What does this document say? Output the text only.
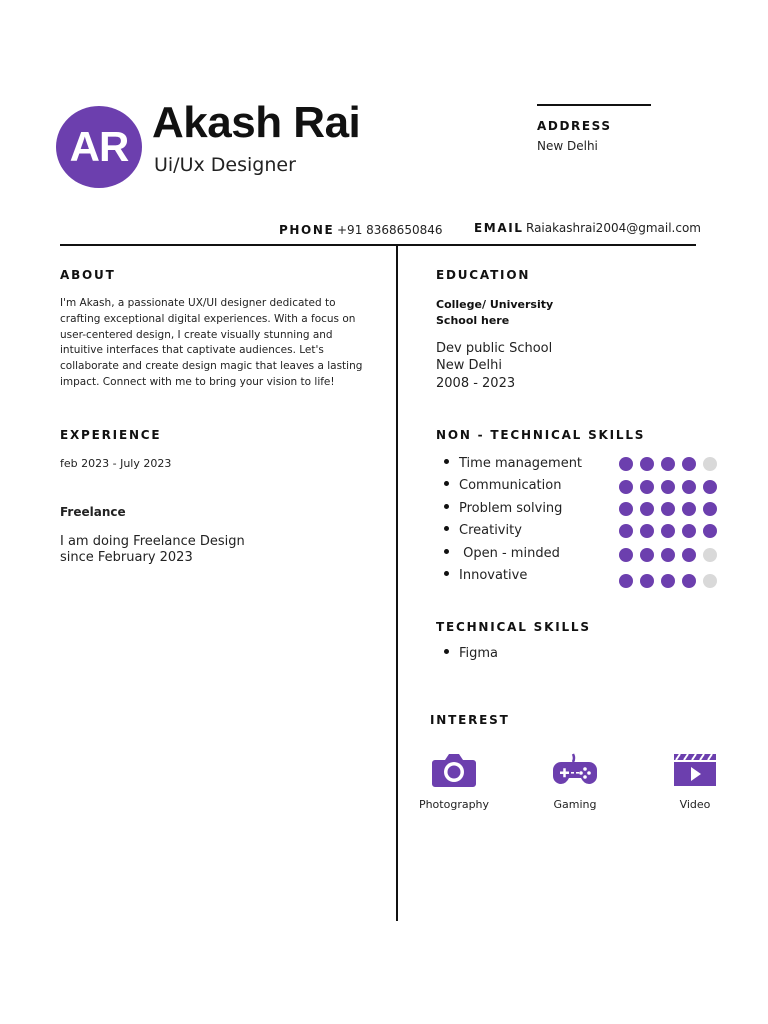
AR Akash Rai
Ui/Ux Designer
ADDRESS
New Delhi
PHONE +91 8368650846	EMAIL Raiakashrai2004@gmail.com
ABOUT
I'm Akash, a passionate UX/UI designer dedicated to crafting exceptional digital experiences. With a focus on user-centered design, I create visually stunning and intuitive interfaces that captivate audiences. Let's collaborate and create design magic that leaves a lasting impact. Connect with me to bring your vision to life!
EXPERIENCE
feb 2023 - July 2023
Freelance
I am doing Freelance Design since February 2023
EDUCATION
College/ University
School here
Dev public School
New Delhi
2008 - 2023
NON - TECHNICAL SKILLS
Time management
Communication
Problem solving
Creativity
Open - minded
Innovative
TECHNICAL SKILLS
Figma
INTEREST
Photography	Gaming	Video
